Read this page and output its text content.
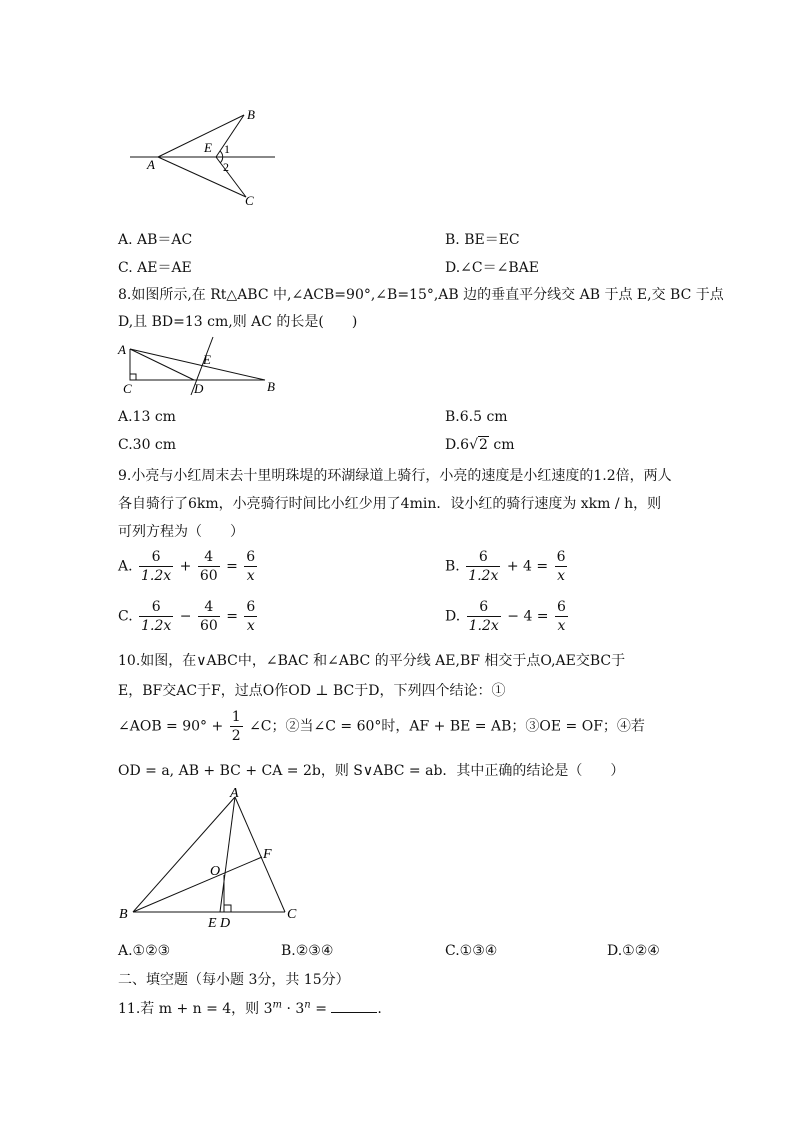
B
E
A
C
1
2
A. AB＝AC	B. BE＝EC
C. AE＝AE	D.∠C＝∠BAE
8.如图所示,在 Rt△ABC 中,∠ACB=90°,∠B=15°,AB 边的垂直平分线交 AB 于点 E,交 BC 于点
D,且 BD=13 cm,则 AC 的长是(　　)
A
E
C	D	B
A.13 cm	B.6.5 cm
C.30 cm	D.6√2 cm
9.小亮与小红周末去十里明珠堤的环湖绿道上骑行，小亮的速度是小红速度的1.2倍，两人
各自骑行了6km，小亮骑行时间比小红少用了4min．设小红的骑行速度为 xkm / h，则
可列方程为（　　）
A. $\frac{6}{1.2x} + \frac{4}{60} = \frac{6}{x}$	B. $\frac{6}{1.2x} + 4 = \frac{6}{x}$
C. $\frac{6}{1.2x} - \frac{4}{60} = \frac{6}{x}$	D. $\frac{6}{1.2x} - 4 = \frac{6}{x}$
10.如图，在∨ABC中，∠BAC 和∠ABC 的平分线 AE,BF 相交于点O,AE交BC于
E，BF交AC于F，过点O作OD ⊥ BC于D，下列四个结论：①
∠AOB = $90^\circ + \frac{1}{2}$ ∠C；②当∠C = 60°时，AF + BE = AB；③OE = OF；④若
OD = a, AB + BC + CA = 2b，则 S∨ABC = ab．其中正确的结论是（　　）
A
F
O
B
E D
C
A.①②③	B.②③④	C.①③④	D.①②④
二、填空题（每小题 3分，共 15分）
11.若 m + n = 4，则 $3^m \cdot 3^n$ =	.
